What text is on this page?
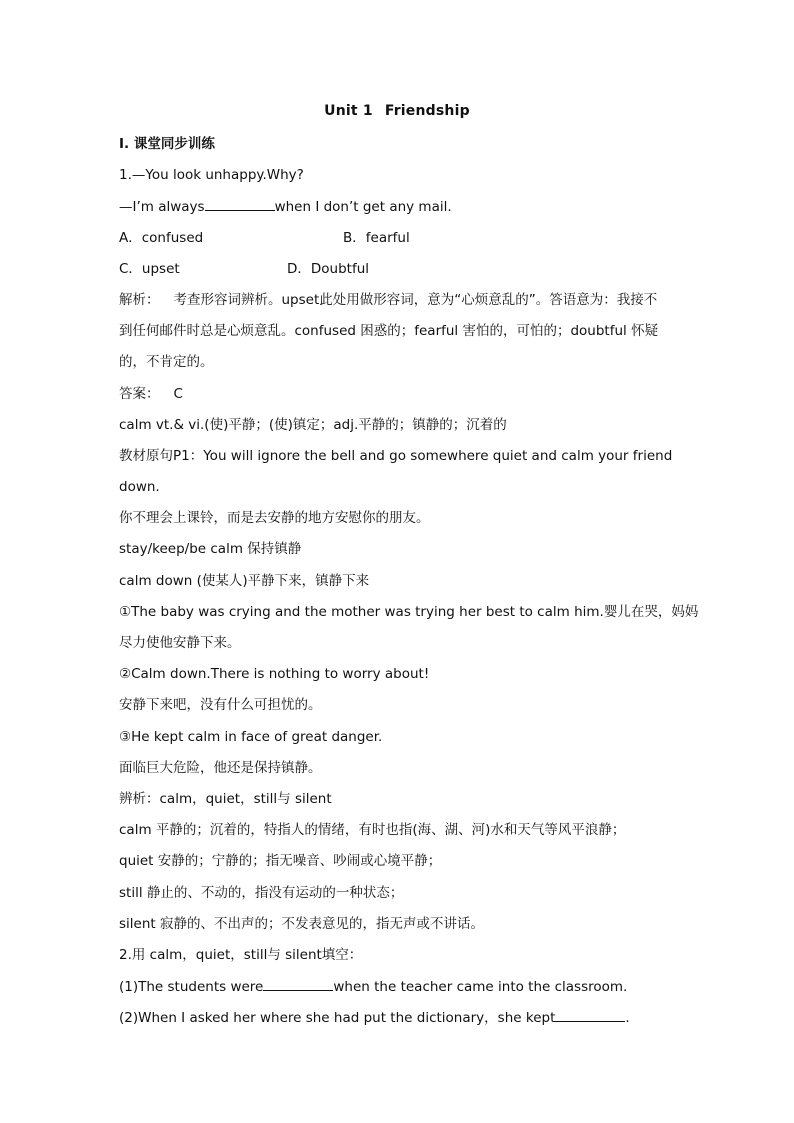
Unit 1 Friendship
Ⅰ. 课堂同步训练
1.—You look unhappy.Why?
—I’m always	when I don’t get any mail.
A．confused	B．fearful
C．upset	D．Doubtful
解析： 考查形容词辨析。upset此处用做形容词，意为“心烦意乱的”。答语意为：我接不
到任何邮件时总是心烦意乱。confused 困惑的；fearful 害怕的，可怕的；doubtful 怀疑
的，不肯定的。
答案： C
calm vt.& vi.(使)平静；(使)镇定；adj.平静的；镇静的；沉着的
教材原句P1：You will ignore the bell and go somewhere quiet and calm your friend
down.
你不理会上课铃，而是去安静的地方安慰你的朋友。
stay/keep/be calm 保持镇静
calm down (使某人)平静下来，镇静下来
①The baby was crying and the mother was trying her best to calm him.婴儿在哭，妈妈
尽力使他安静下来。
②Calm down.There is nothing to worry about!
安静下来吧，没有什么可担忧的。
③He kept calm in face of great danger.
面临巨大危险，他还是保持镇静。
辨析：calm，quiet，still与 silent
calm 平静的；沉着的，特指人的情绪，有时也指(海、湖、河)水和天气等风平浪静；
quiet 安静的；宁静的；指无噪音、吵闹或心境平静；
still 静止的、不动的，指没有运动的一种状态；
silent 寂静的、不出声的；不发表意见的，指无声或不讲话。
2.用 calm，quiet，still与 silent填空：
(1)The students were	when the teacher came into the classroom.
(2)When I asked her where she had put the dictionary，she kept	.
